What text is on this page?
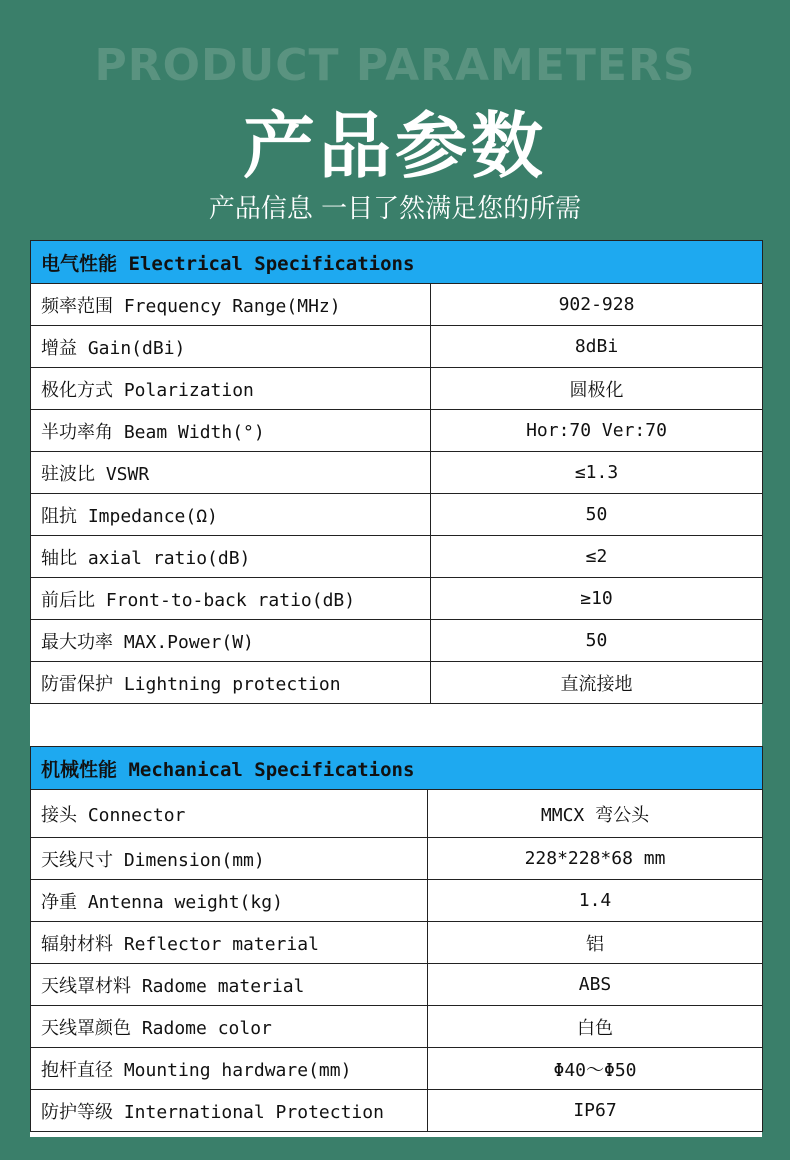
PRODUCT PARAMETERS
产品参数
产品信息 一目了然满足您的所需
电气性能 Electrical Specifications	
频率范围 Frequency Range(MHz)	902-928
增益 Gain(dBi)	8dBi
极化方式 Polarization	圆极化
半功率角 Beam Width(°)	Hor:70 Ver:70
驻波比 VSWR	≤1.3
阻抗 Impedance(Ω)	50
轴比 axial ratio(dB)	≤2
前后比 Front-to-back ratio(dB)	≥10
最大功率 MAX.Power(W)	50
防雷保护 Lightning protection	直流接地
机械性能 Mechanical Specifications	
接头 Connector	MMCX 弯公头
天线尺寸 Dimension(mm)	228*228*68 mm
净重 Antenna weight(kg)	1.4
辐射材料 Reflector material	铝
天线罩材料 Radome material	ABS
天线罩颜色 Radome color	白色
抱杆直径 Mounting hardware(mm)	Φ40～Φ50
防护等级 International Protection	IP67
